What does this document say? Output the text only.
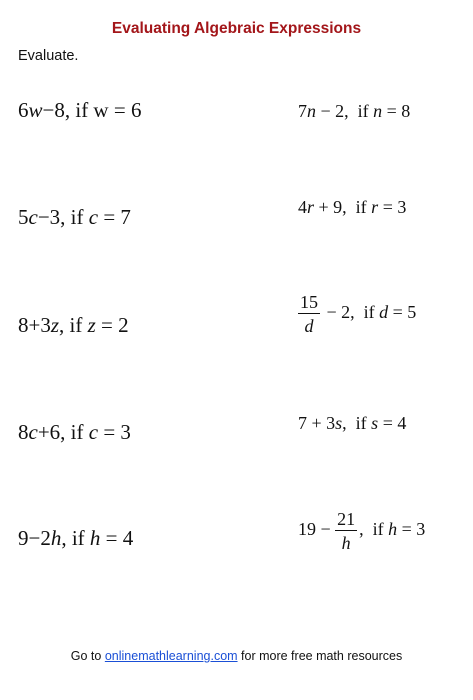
Evaluating Algebraic Expressions
Evaluate.
6w−8, if w = 6	7n − 2,  if n = 8
5c−3, if c = 7	4r + 9,  if r = 3
8+3z, if z = 2	$\frac{15}{d} - 2$,  if d = 5
8c+6, if c = 3	7 + 3s,  if s = 4
9−2h, if h = 4	$19 - \frac{21}{h}$ ,  if h = 3
Go to onlinemathlearning.com for more free math resources
